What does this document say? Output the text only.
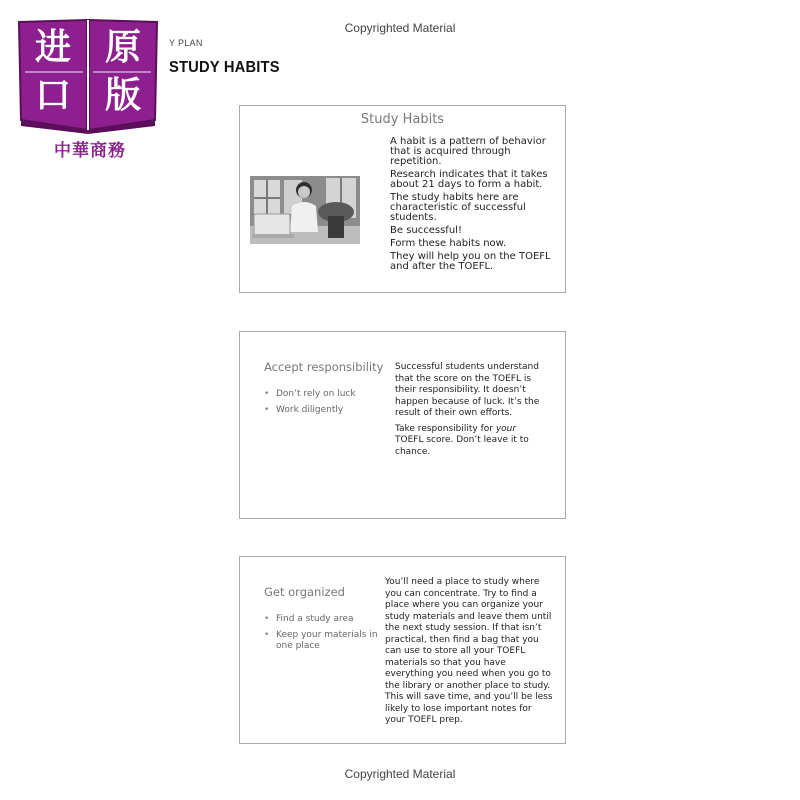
Copyrighted Material
进 原
口 版
中華商務
Y PLAN
STUDY HABITS
Study Habits

A habit is a pattern of behavior that is acquired through repetition.

Research indicates that it takes about 21 days to form a habit.

The study habits here are characteristic of successful students.

Be successful!

Form these habits now.

They will help you on the TOEFL and after the TOEFL.

Accept responsibility
• Don’t rely on luck
• Work diligently

Successful students understand that the score on the TOEFL is their responsibility. It doesn’t happen because of luck. It’s the result of their own efforts.

Take responsibility for your TOEFL score. Don’t leave it to chance.

Get organized
• Find a study area
• Keep your materials in one place

You’ll need a place to study where you can concentrate. Try to find a place where you can organize your study materials and leave them until the next study session. If that isn’t practical, then find a bag that you can use to store all your TOEFL materials so that you have everything you need when you go to the library or another place to study. This will save time, and you’ll be less likely to lose important notes for your TOEFL prep.

Copyrighted Material
